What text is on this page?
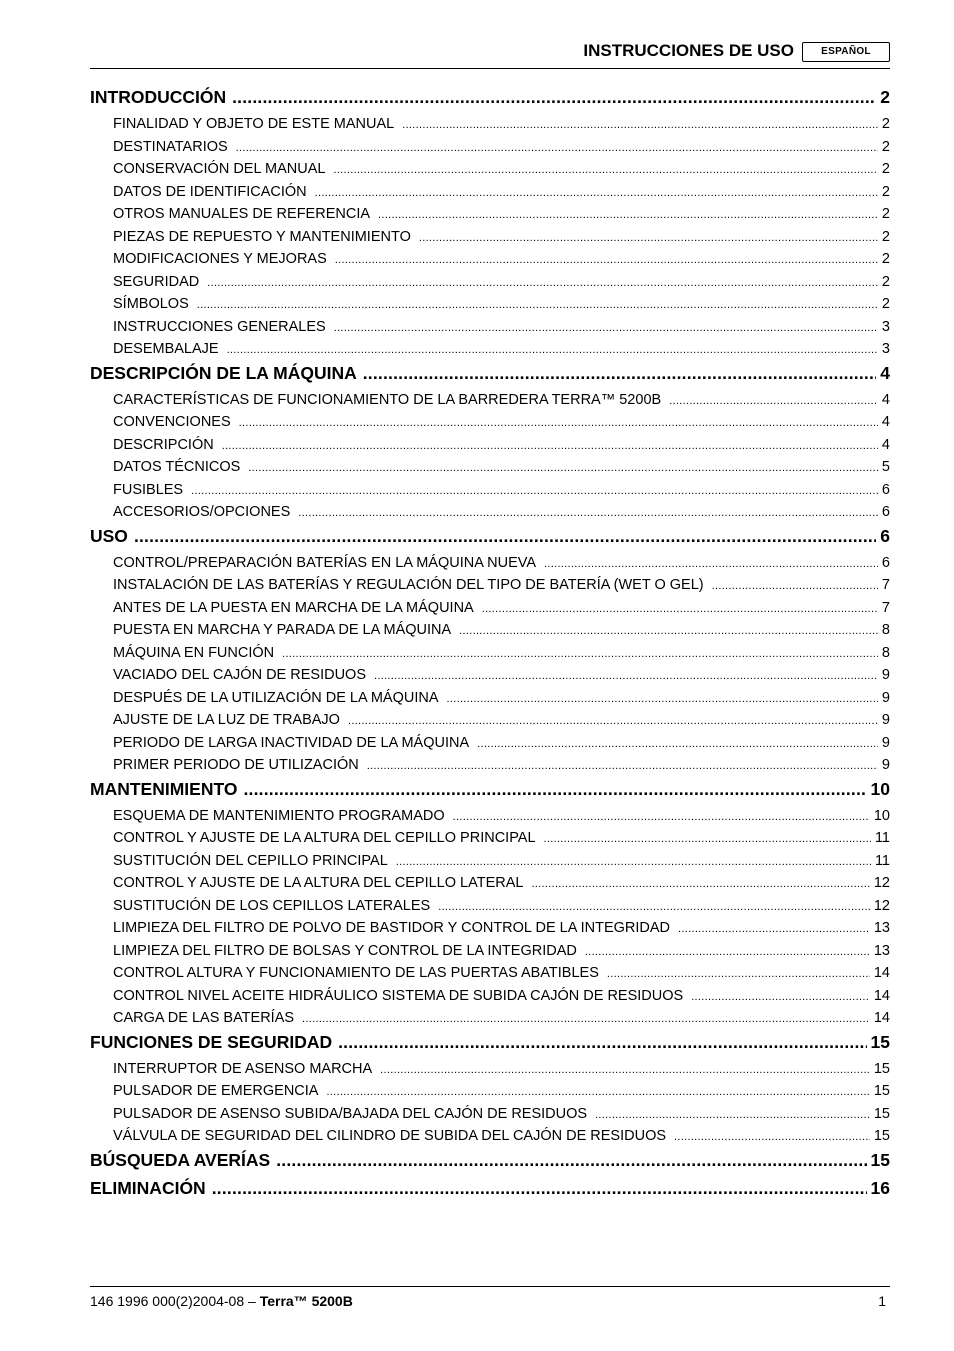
INSTRUCCIONES DE USO	ESPAÑOL
INTRODUCCIÓN .....	2
FINALIDAD Y OBJETO DE ESTE MANUAL .....	2
DESTINATARIOS .....	2
CONSERVACIÓN DEL MANUAL .....	2
DATOS DE IDENTIFICACIÓN .....	2
OTROS MANUALES DE REFERENCIA .....	2
PIEZAS DE REPUESTO Y MANTENIMIENTO .....	2
MODIFICACIONES Y MEJORAS .....	2
SEGURIDAD .....	2
SÍMBOLOS .....	2
INSTRUCCIONES GENERALES .....	3
DESEMBALAJE .....	3
DESCRIPCIÓN DE LA MÁQUINA .....	4
CARACTERÍSTICAS DE FUNCIONAMIENTO DE LA BARREDERA TERRA™ 5200B .....	4
CONVENCIONES .....	4
DESCRIPCIÓN .....	4
DATOS TÉCNICOS .....	5
FUSIBLES .....	6
ACCESORIOS/OPCIONES .....	6
USO .....	6
CONTROL/PREPARACIÓN BATERÍAS EN LA MÁQUINA NUEVA .....	6
INSTALACIÓN DE LAS BATERÍAS Y REGULACIÓN DEL TIPO DE BATERÍA (WET O GEL) .....	7
ANTES DE LA PUESTA EN MARCHA DE LA MÁQUINA .....	7
PUESTA EN MARCHA Y PARADA DE LA MÁQUINA .....	8
MÁQUINA EN FUNCIÓN .....	8
VACIADO DEL CAJÓN DE RESIDUOS .....	9
DESPUÉS DE LA UTILIZACIÓN DE LA MÁQUINA .....	9
AJUSTE DE LA LUZ DE TRABAJO .....	9
PERIODO DE LARGA INACTIVIDAD DE LA MÁQUINA .....	9
PRIMER PERIODO DE UTILIZACIÓN .....	9
MANTENIMIENTO .....	10
ESQUEMA DE MANTENIMIENTO PROGRAMADO .....	10
CONTROL Y AJUSTE DE LA ALTURA DEL CEPILLO PRINCIPAL .....	11
SUSTITUCIÓN DEL CEPILLO PRINCIPAL .....	11
CONTROL Y AJUSTE DE LA ALTURA DEL CEPILLO LATERAL .....	12
SUSTITUCIÓN DE LOS CEPILLOS LATERALES .....	12
LIMPIEZA DEL FILTRO DE POLVO DE BASTIDOR Y CONTROL DE LA INTEGRIDAD .....	13
LIMPIEZA DEL FILTRO DE BOLSAS Y CONTROL DE LA INTEGRIDAD .....	13
CONTROL ALTURA Y FUNCIONAMIENTO DE LAS PUERTAS ABATIBLES .....	14
CONTROL NIVEL ACEITE HIDRÁULICO SISTEMA DE SUBIDA CAJÓN DE RESIDUOS .....	14
CARGA DE LAS BATERÍAS .....	14
FUNCIONES DE SEGURIDAD .....	15
INTERRUPTOR DE ASENSO MARCHA .....	15
PULSADOR DE EMERGENCIA .....	15
PULSADOR DE ASENSO SUBIDA/BAJADA DEL CAJÓN DE RESIDUOS .....	15
VÁLVULA DE SEGURIDAD DEL CILINDRO DE SUBIDA DEL CAJÓN DE RESIDUOS .....	15
BÚSQUEDA AVERÍAS .....	15
ELIMINACIÓN .....	16
146 1996 000(2)2004-08 – Terra™ 5200B	1
